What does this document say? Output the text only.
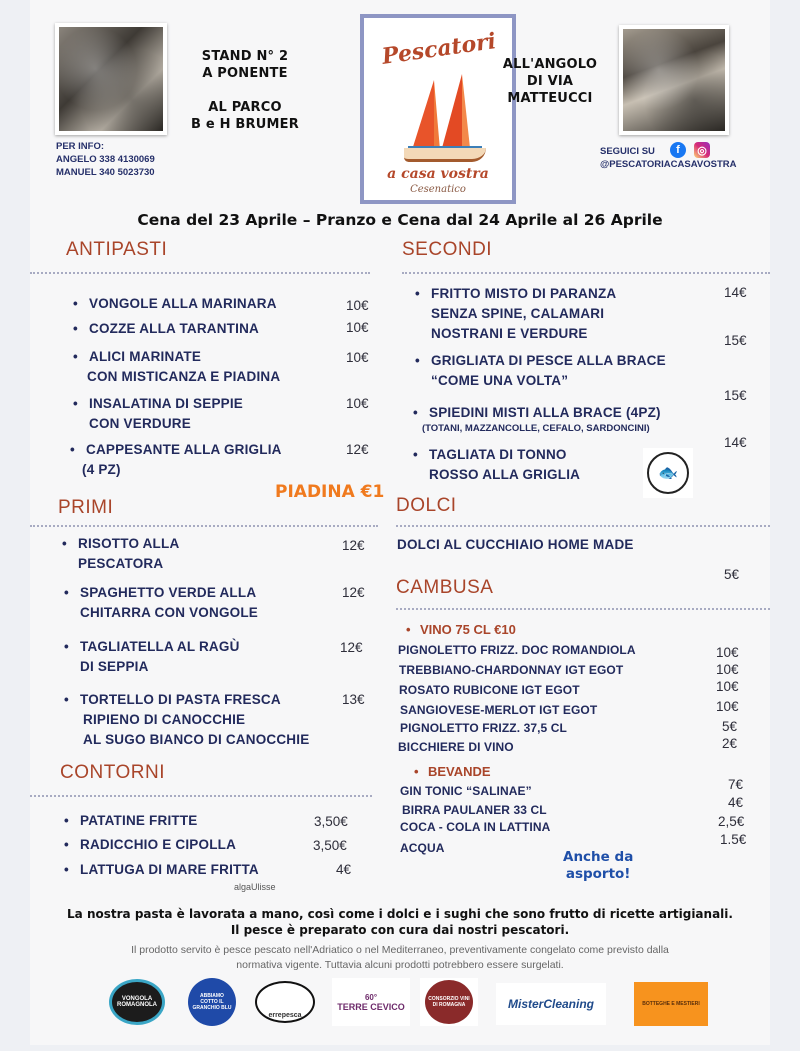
PER INFO:
ANGELO 338 4130069
MANUEL 340 5023730
STAND N° 2
A PONENTE
AL PARCO
B e H BRUMER
Pescatori
a casa vostra
Cesenatico
ALL'ANGOLO
DI VIA
MATTEUCCI
SEGUICI SU	f	◎
@PESCATORIACASAVOSTRA
Cena del 23 Aprile – Pranzo e Cena dal 24 Aprile al 26 Aprile
ANTIPASTI
• VONGOLE ALLA MARINARA	10€
• COZZE ALLA TARANTINA	10€
• ALICI MARINATE
CON MISTICANZA E PIADINA
10€
• INSALATINA DI SEPPIE
CON VERDURE
10€
• CAPPESANTE ALLA GRIGLIA
(4 PZ)
12€
PIADINA €1
PRIMI
• RISOTTO ALLA
PESCATORA
12€
• SPAGHETTO VERDE ALLA
CHITARRA CON VONGOLE
12€
• TAGLIATELLA AL RAGÙ
DI SEPPIA
12€
• TORTELLO DI PASTA FRESCA
RIPIENO DI CANOCCHIE
AL SUGO BIANCO DI CANOCCHIE
13€
CONTORNI
• PATATINE FRITTE	3,50€
• RADICCHIO E CIPOLLA	3,50€
• LATTUGA DI MARE FRITTA	4€
algaUlisse
SECONDI
• FRITTO MISTO DI PARANZA
SENZA SPINE, CALAMARI
NOSTRANI E VERDURE
14€
• GRIGLIATA DI PESCE ALLA BRACE
“COME UNA VOLTA”
15€
• SPIEDINI MISTI ALLA BRACE (4PZ)
(TOTANI, MAZZANCOLLE, CEFALO, SARDONCINI)
15€
• TAGLIATA DI TONNO
ROSSO ALLA GRIGLIA
14€
🐟
DOLCI
DOLCI AL CUCCHIAIO HOME MADE
5€
CAMBUSA
• VINO 75 CL €10
PIGNOLETTO FRIZZ. DOC ROMANDIOLA	10€
TREBBIANO-CHARDONNAY IGT EGOT	10€
ROSATO RUBICONE IGT EGOT	10€
SANGIOVESE-MERLOT IGT EGOT	10€
PIGNOLETTO FRIZZ. 37,5 CL	5€
BICCHIERE DI VINO	2€
• BEVANDE
GIN TONIC “SALINAE”	7€
BIRRA PAULANER 33 CL	4€
COCA - COLA IN LATTINA	2,5€
ACQUA
1.5€
Anche da
asporto!
La nostra pasta è lavorata a mano, così come i dolci e i sughi che sono frutto di ricette artigianali.
Il pesce è preparato con cura dai nostri pescatori.
Il prodotto servito è pesce pescato nell'Adriatico o nel Mediterraneo, preventivamente congelato come previsto dalla
normativa vigente. Tuttavia alcuni prodotti potrebbero essere surgelati.
VONGOLA ROMAGNOLA
ABBIAMO COTTO IL GRANCHIO BLU
errepesca
60°
TERRE CEVICO
CONSORZIO VINI DI ROMAGNA	MisterCleaning	BOTTEGHE E MESTIERI
